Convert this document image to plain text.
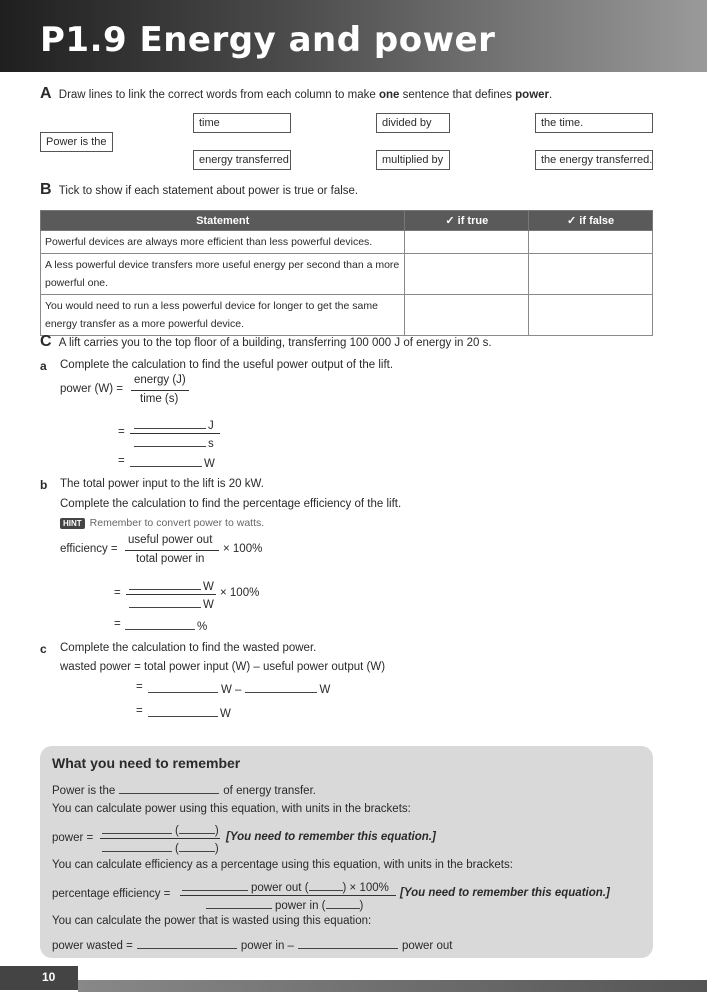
P1.9 Energy and power
A Draw lines to link the correct words from each column to make one sentence that defines power.
Power is the
time
energy transferred
divided by
multiplied by
the time.
the energy transferred.
B Tick to show if each statement about power is true or false.
Statement	✓ if true	✓ if false
Powerful devices are always more efficient than less powerful devices.		
A less powerful device transfers more useful energy per second than a more powerful one.		
You would need to run a less powerful device for longer to get the same energy transfer as a more powerful device.		
C A lift carries you to the top floor of a building, transferring 100 000 J of energy in 20 s.
a Complete the calculation to find the useful power output of the lift.
power (W) =
energy (J)
time (s)
=	J
s
=	W
b The total power input to the lift is 20 kW.
Complete the calculation to find the percentage efficiency of the lift.
HINT Remember to convert power to watts.
efficiency =
useful power out
total power in
× 100%
=	W
W
× 100%
=	%
c Complete the calculation to find the wasted power.
wasted power = total power input (W) – useful power output (W)
=	W –	W
=	W
What you need to remember
Power is the	of energy transfer.
You can calculate power using this equation, with units in the brackets:
power =
(	)
(	)
[You need to remember this equation.]
You can calculate efficiency as a percentage using this equation, with units in the brackets:
percentage efficiency =	power out (	) × 100%
power in (	)
[You need to remember this equation.]
You can calculate the power that is wasted using this equation:
power wasted =	power in –	power out
10
